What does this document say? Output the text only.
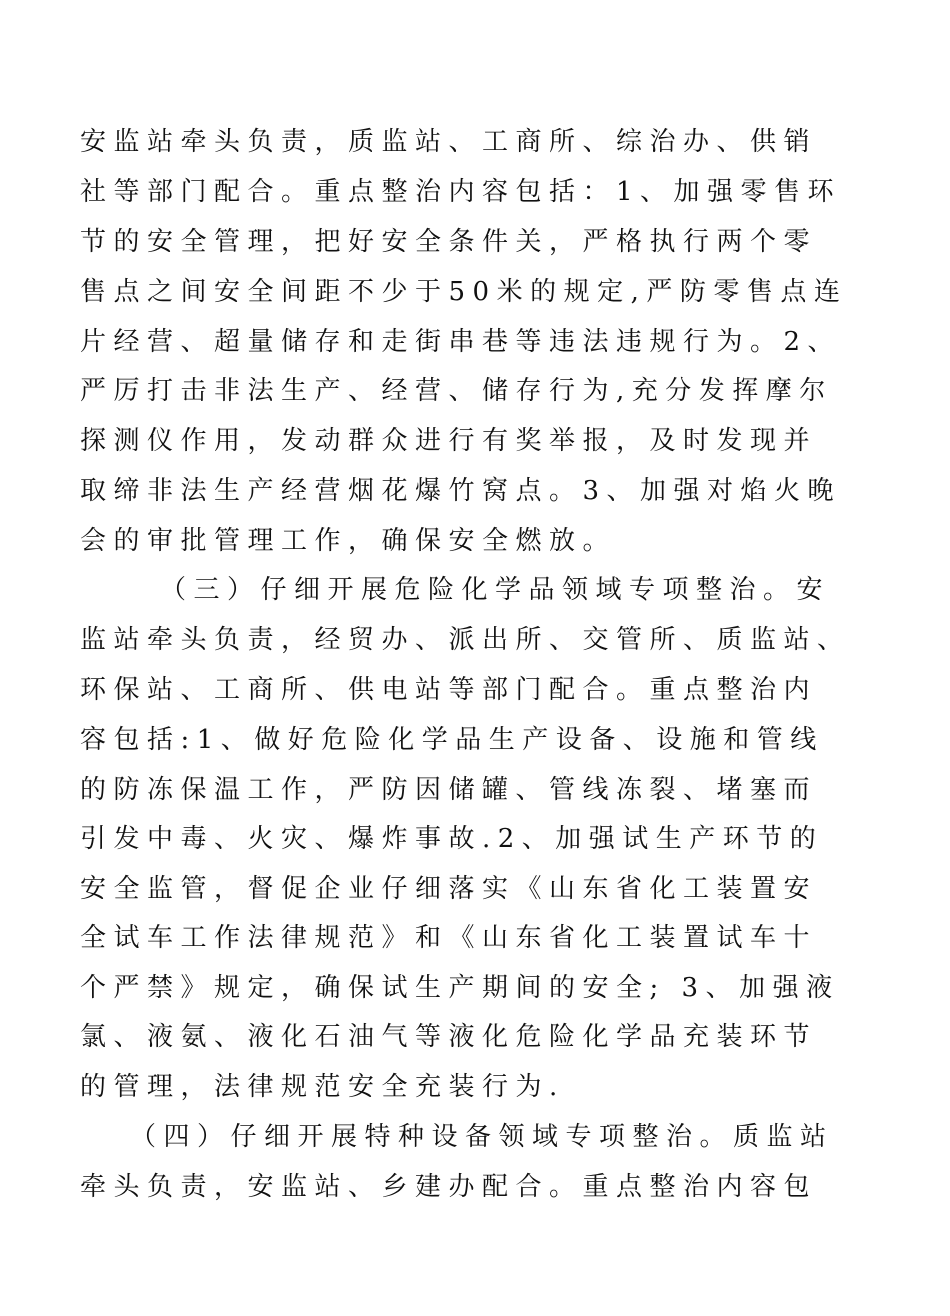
安监站牵头负责，质监站、工商所、综治办、供销
社等部门配合。重点整治内容包括：1、加强零售环
节的安全管理，把好安全条件关，严格执行两个零
售点之间安全间距不少于50米的规定,严防零售点连
片经营、超量储存和走街串巷等违法违规行为。2、
严厉打击非法生产、经营、储存行为,充分发挥摩尔
探测仪作用，发动群众进行有奖举报，及时发现并
取缔非法生产经营烟花爆竹窝点。3、加强对焰火晚
会的审批管理工作，确保安全燃放。
（三）仔细开展危险化学品领域专项整治。安
监站牵头负责，经贸办、派出所、交管所、质监站、
环保站、工商所、供电站等部门配合。重点整治内
容包括:1、做好危险化学品生产设备、设施和管线
的防冻保温工作，严防因储罐、管线冻裂、堵塞而
引发中毒、火灾、爆炸事故.2、加强试生产环节的
安全监管，督促企业仔细落实《山东省化工装置安
全试车工作法律规范》和《山东省化工装置试车十
个严禁》规定，确保试生产期间的安全; 3、加强液
氯、液氨、液化石油气等液化危险化学品充装环节
的管理，法律规范安全充装行为.
（四）仔细开展特种设备领域专项整治。质监站
牵头负责，安监站、乡建办配合。重点整治内容包
